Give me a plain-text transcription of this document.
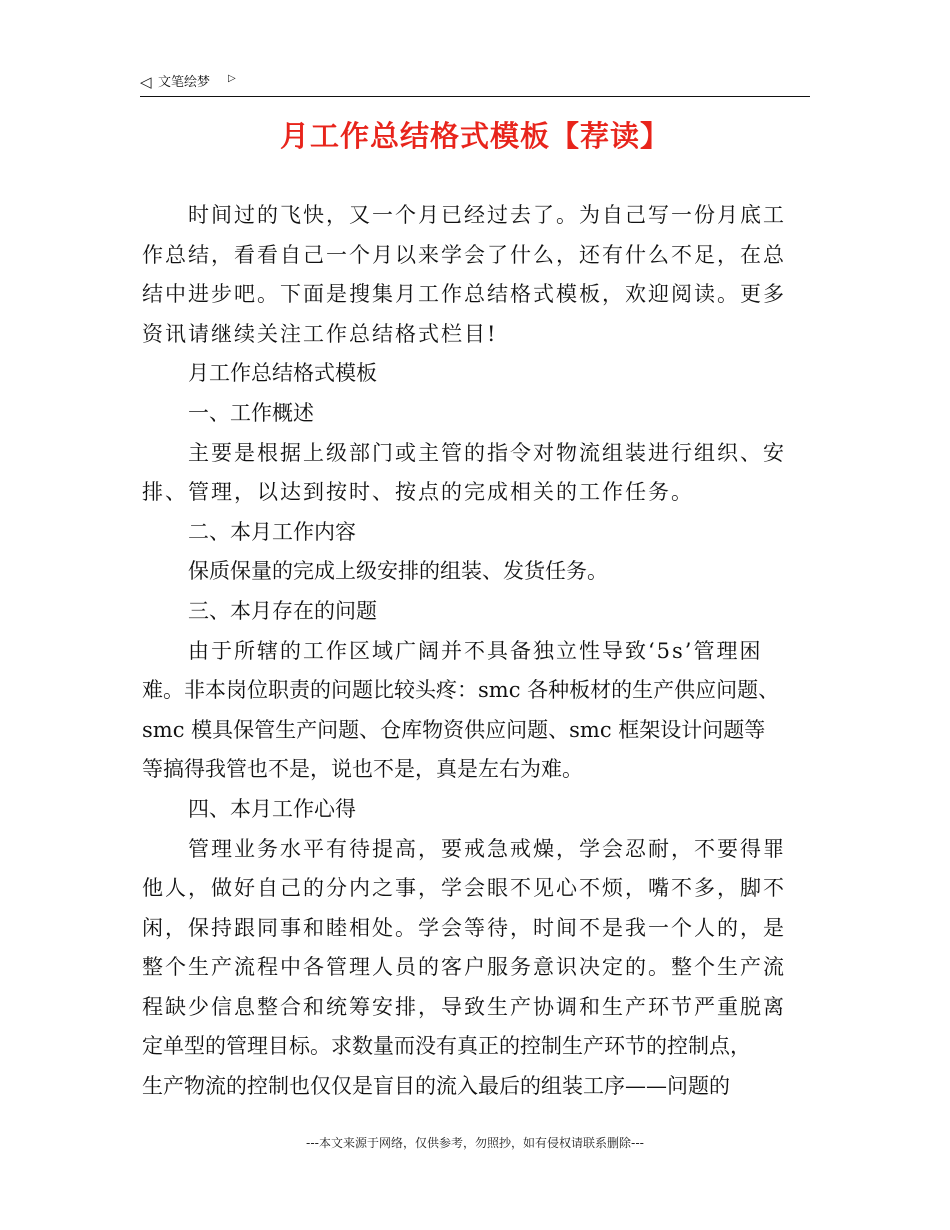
◁ 文笔绘梦 ▷
月工作总结格式模板【荐读】

时间过的飞快，又一个月已经过去了。为自己写一份月底工

作总结，看看自己一个月以来学会了什么，还有什么不足，在总

结中进步吧。下面是搜集月工作总结格式模板，欢迎阅读。更多

资讯请继续关注工作总结格式栏目!

月工作总结格式模板

一、工作概述

主要是根据上级部门或主管的指令对物流组装进行组织、安

排、管理，以达到按时、按点的完成相关的工作任务。

二、本月工作内容

保质保量的完成上级安排的组装、发货任务。

三、本月存在的问题

由于所辖的工作区域广阔并不具备独立性导致‘5s’管理困

难。非本岗位职责的问题比较头疼：smc 各种板材的生产供应问题、

smc 模具保管生产问题、仓库物资供应问题、smc 框架设计问题等

等搞得我管也不是，说也不是，真是左右为难。

四、本月工作心得

管理业务水平有待提高，要戒急戒燥，学会忍耐，不要得罪

他人，做好自己的分内之事，学会眼不见心不烦，嘴不多，脚不

闲，保持跟同事和睦相处。学会等待，时间不是我一个人的，是

整个生产流程中各管理人员的客户服务意识决定的。整个生产流

程缺少信息整合和统筹安排，导致生产协调和生产环节严重脱离

定单型的管理目标。求数量而没有真正的控制生产环节的控制点，

生产物流的控制也仅仅是盲目的流入最后的组装工序——问题的

---本文来源于网络，仅供参考，勿照抄，如有侵权请联系删除---
